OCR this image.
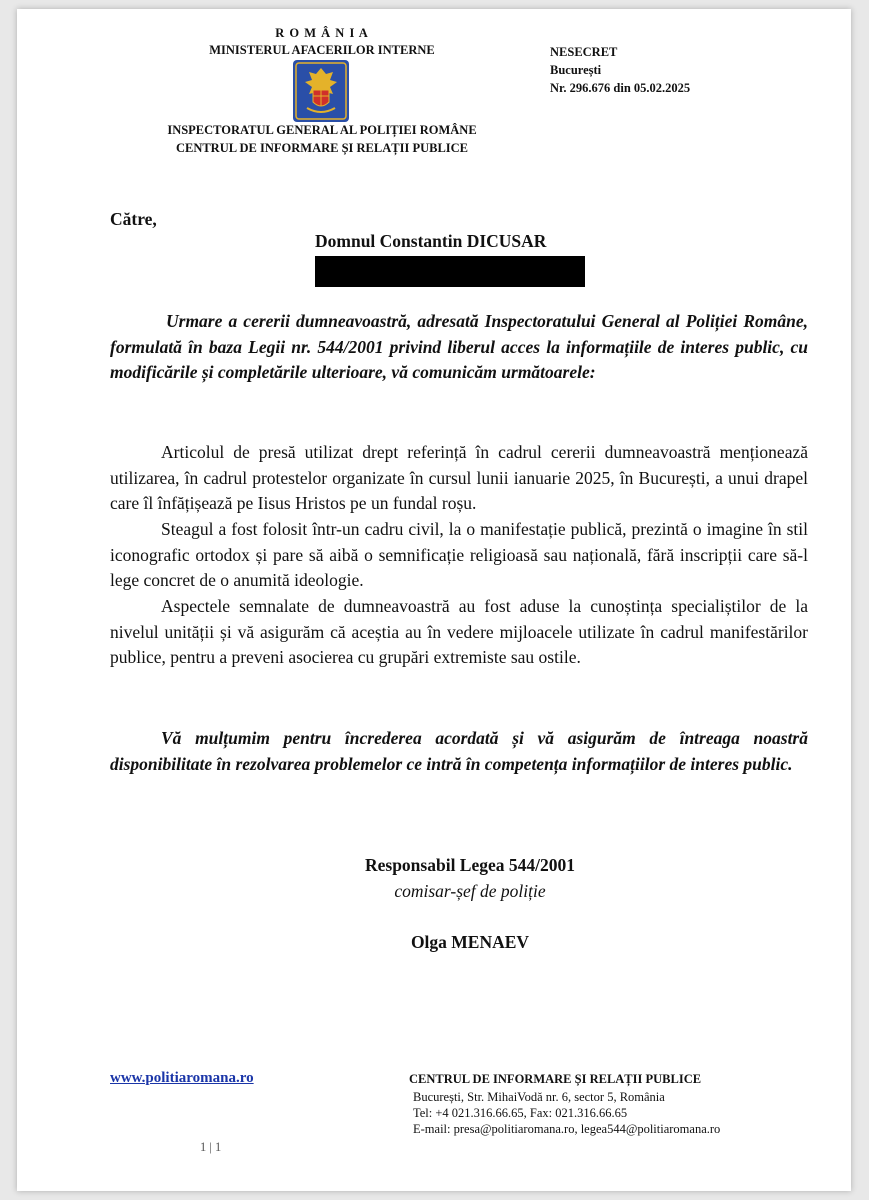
R O M Â N I A
MINISTERUL AFACERILOR INTERNE
INSPECTORATUL GENERAL AL POLIȚIEI ROMÂNE
CENTRUL DE INFORMARE ȘI RELAȚII PUBLICE
NESECRET
București
Nr. 296.676 din 05.02.2025
Către,
Domnul Constantin DICUSAR
Urmare a cererii dumneavoastră, adresată Inspectoratului General al Poliției Române, formulată în baza Legii nr. 544/2001 privind liberul acces la informațiile de interes public, cu modificările și completările ulterioare, vă comunicăm următoarele:
Articolul de presă utilizat drept referință în cadrul cererii dumneavoastră menționează utilizarea, în cadrul protestelor organizate în cursul lunii ianuarie 2025, în București, a unui drapel care îl înfățișează pe Iisus Hristos pe un fundal roșu.
Steagul a fost folosit într-un cadru civil, la o manifestație publică, prezintă o imagine în stil iconografic ortodox și pare să aibă o semnificație religioasă sau națională, fără inscripții care să-l lege concret de o anumită ideologie.
Aspectele semnalate de dumneavoastră au fost aduse la cunoștința specialiștilor de la nivelul unității și vă asigurăm că aceștia au în vedere mijloacele utilizate în cadrul manifestărilor publice, pentru a preveni asocierea cu grupări extremiste sau ostile.
Vă mulțumim pentru încrederea acordată și vă asigurăm de întreaga noastră disponibilitate în rezolvarea problemelor ce intră în competența informațiilor de interes public.
Responsabil Legea 544/2001
comisar-șef de poliție
Olga MENAEV
www.politiaromana.ro	CENTRUL DE INFORMARE ȘI RELAȚII PUBLICE
București, Str. MihaiVodă nr. 6, sector 5, România
Tel: +4 021.316.66.65, Fax: 021.316.66.65
E-mail: presa@politiaromana.ro, legea544@politiaromana.ro
1 | 1
